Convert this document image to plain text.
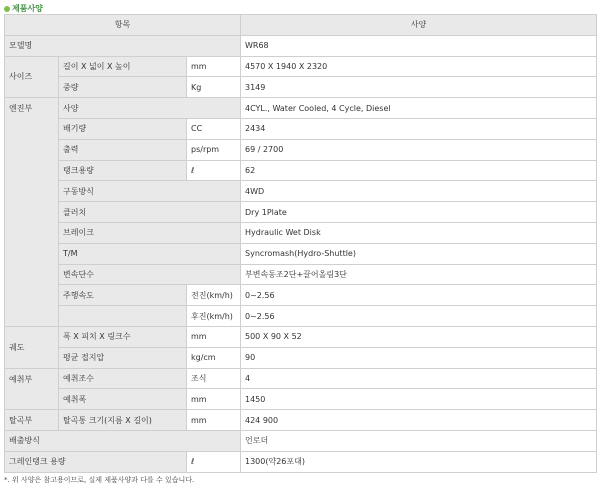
제품사양
항목			사양
모델명			WR68
사이즈	길이 X 넓이 X 높이	mm	4570 X 1940 X 2320
	중량	Kg	3149
엔진부	사양		4CYL., Water Cooled, 4 Cycle, Diesel
	배기량	CC	2434
	출력	ps/rpm	69 / 2700
	탱크용량	ℓ	62
	구동방식		4WD
	클러치		Dry 1Plate
	브레이크		Hydraulic Wet Disk
	T/M		Syncromash(Hydro-Shuttle)
	변속단수		부변속동조2단+끌어올림3단
	주행속도	전진(km/h)	0~2.56
		후진(km/h)	0~2.56
궤도	폭 X 피치 X 링크수	mm	500 X 90 X 52
	평균 접지압	kg/cm	90
예취부	예취조수	조식	4
	예취폭	mm	1450
탈곡부	탈곡통 크기(지름 X 길이)	mm	424 900
배출방식			언로더
그레인탱크 용량		ℓ	1300(약26포대)
*. 위 사양은 참고용이므로, 실제 제품사양과 다를 수 있습니다.
